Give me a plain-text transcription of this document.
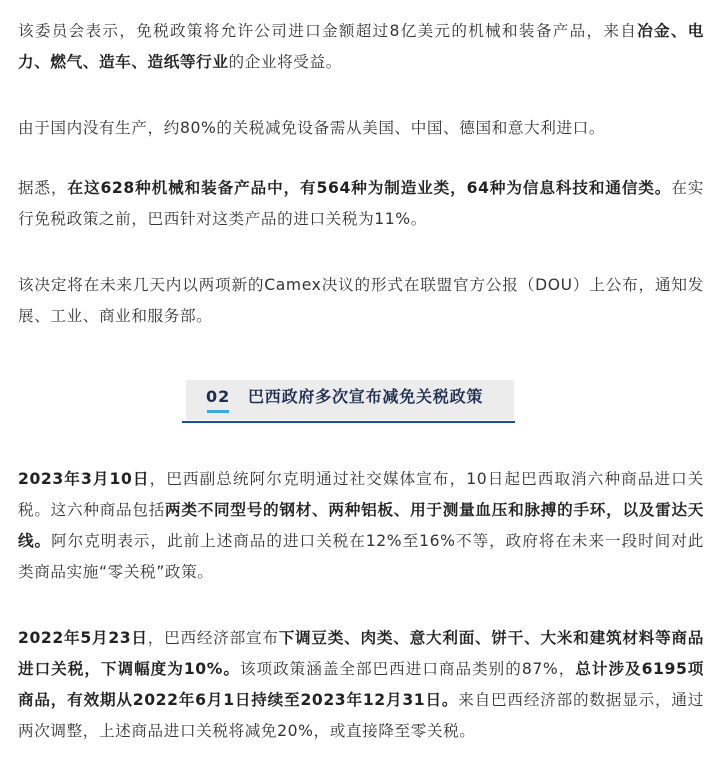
该委员会表示，免税政策将允许公司进口金额超过8亿美元的机械和装备产品，来自冶金、电力、燃气、造车、造纸等行业的企业将受益。

由于国内没有生产，约80%的关税减免设备需从美国、中国、德国和意大利进口。

据悉，在这628种机械和装备产品中，有564种为制造业类，64种为信息科技和通信类。在实行免税政策之前，巴西针对这类产品的进口关税为11%。

该决定将在未来几天内以两项新的Camex决议的形式在联盟官方公报（DOU）上公布，通知发展、工业、商业和服务部。

2023年3月10日，巴西副总统阿尔克明通过社交媒体宣布，10日起巴西取消六种商品进口关税。这六种商品包括两类不同型号的钢材、两种铝板、用于测量血压和脉搏的手环，以及雷达天线。阿尔克明表示，此前上述商品的进口关税在12%至16%不等，政府将在未来一段时间对此类商品实施“零关税”政策。

2022年5月23日，巴西经济部宣布下调豆类、肉类、意大利面、饼干、大米和建筑材料等商品进口关税，下调幅度为10%。该项政策涵盖全部巴西进口商品类别的87%，总计涉及6195项商品，有效期从2022年6月1日持续至2023年12月31日。来自巴西经济部的数据显示，通过两次调整，上述商品进口关税将减免20%，或直接降至零关税。

02 巴西政府多次宣布减免关税政策
